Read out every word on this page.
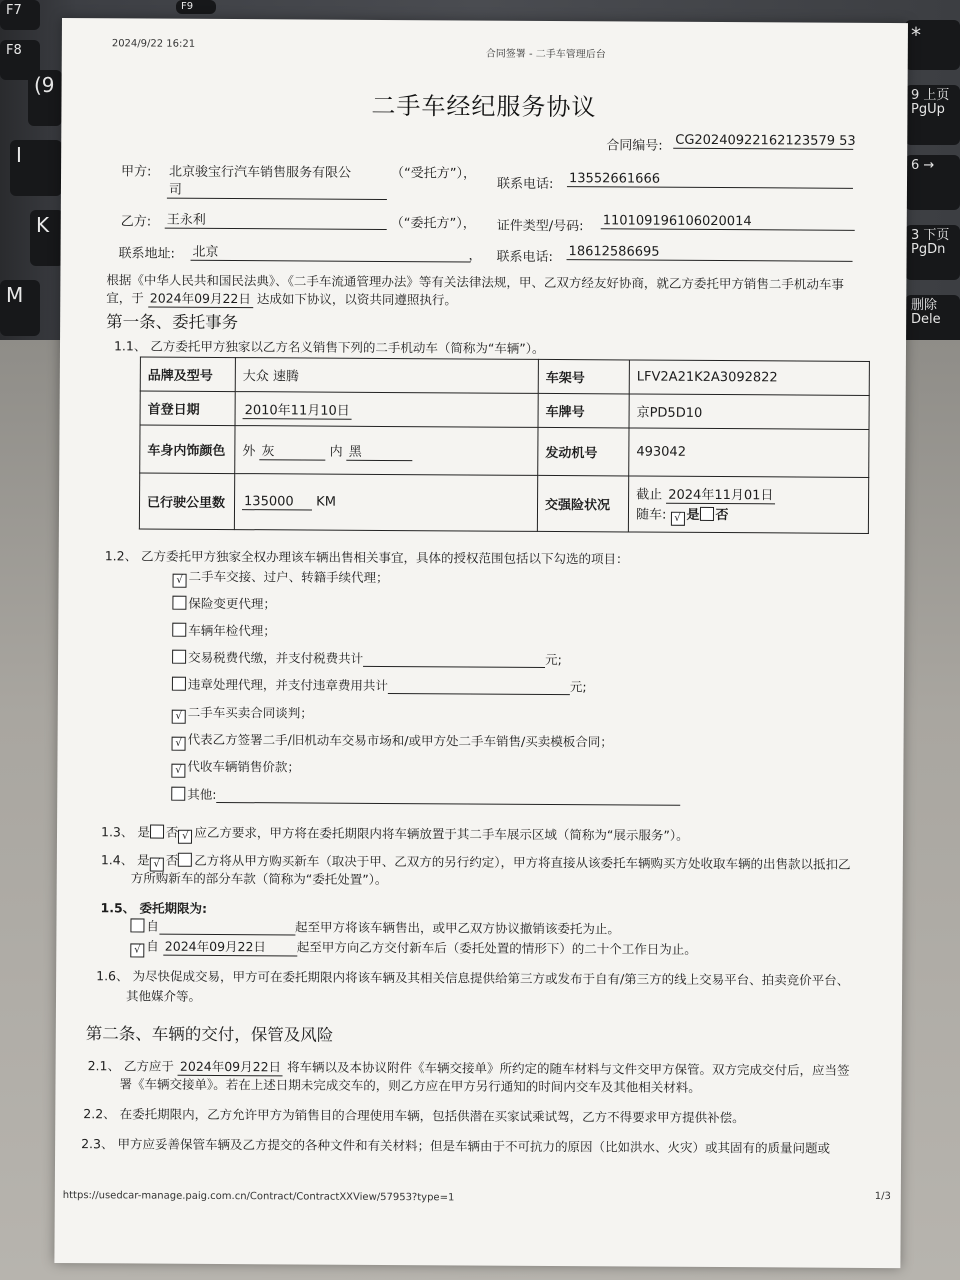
F7
F8
F9
(9
I
K
M
*
9 上页 PgUp
6 →
3 下页 PgDn
删除 Dele
2024/9/22 16:21
合同签署 - 二手车管理后台
二手车经纪服务协议
合同编号: CG20240922162123579 53
甲方: 北京骏宝行汽车销售服务有限公
司
（“受托方”），
联系电话: 13552661666
乙方: 王永利	（“委托方”）， 证件类型/号码: 110109196106020014
联系地址: 北京	， 联系电话: 18612586695
根据《中华人民共和国民法典》、《二手车流通管理办法》等有关法律法规，甲、乙双方经友好协商，就乙方委托甲方销售二手机动车事
宜，于 2024年09月22日 达成如下协议，以资共同遵照执行。
第一条、委托事务
1.1、 乙方委托甲方独家以乙方名义销售下列的二手机动车（简称为“车辆”）。
品牌及型号	大众 速腾	车架号	LFV2A21K2A3092822
首登日期	2010年11月10日	车牌号	京PD5D10
车身内饰颜色	外 灰 内 黑	发动机号	493042
已行驶公里数	135000 KM	交强险状况	截止 2024年11月01日
随车: √ 是 否
1.2、 乙方委托甲方独家全权办理该车辆出售相关事宜，具体的授权范围包括以下勾选的项目：
√ 二手车交接、过户、转籍手续代理；
保险变更代理；
车辆年检代理；
交易税费代缴，并支付税费共计	元;
违章处理代理，并支付违章费用共计	元;
√ 二手车买卖合同谈判；
√ 代表乙方签署二手/旧机动车交易市场和/或甲方处二手车销售/买卖模板合同；
√ 代收车辆销售价款；
其他:
1.3、 是 否 √ 应乙方要求，甲方将在委托期限内将车辆放置于其二手车展示区域（简称为“展示服务”）。
1.4、 是 √ 否 乙方将从甲方购买新车（取决于甲、乙双方的另行约定），甲方将直接从该委托车辆购买方处收取车辆的出售款以抵扣乙
方所购新车的部分车款（简称为“委托处置”）。
1.5、 委托期限为:
自	起至甲方将该车辆售出，或甲乙双方协议撤销该委托为止。
√ 自 2024年09月22日 起至甲方向乙方交付新车后（委托处置的情形下）的二十个工作日为止。
1.6、 为尽快促成交易，甲方可在委托期限内将该车辆及其相关信息提供给第三方或发布于自有/第三方的线上交易平台、拍卖竞价平台、
其他媒介等。
第二条、车辆的交付，保管及风险
2.1、 乙方应于 2024年09月22日 将车辆以及本协议附件《车辆交接单》所约定的随车材料与文件交甲方保管。双方完成交付后，应当签
署《车辆交接单》。若在上述日期未完成交车的，则乙方应在甲方另行通知的时间内交车及其他相关材料。
2.2、 在委托期限内，乙方允许甲方为销售目的合理使用车辆，包括供潜在买家试乘试驾，乙方不得要求甲方提供补偿。
2.3、 甲方应妥善保管车辆及乙方提交的各种文件和有关材料；但是车辆由于不可抗力的原因（比如洪水、火灾）或其固有的质量问题或
https://usedcar-manage.paig.com.cn/Contract/ContractXXView/57953?type=1	1/3
